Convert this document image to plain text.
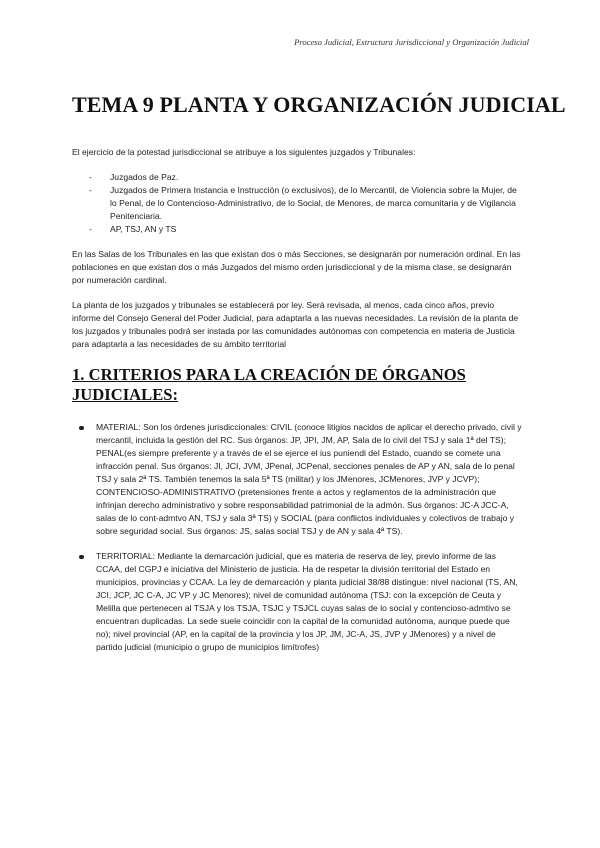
Proceso Judicial, Estructura Jurisdiccional y Organización Judicial
TEMA 9 PLANTA Y ORGANIZACIÓN JUDICIAL

El ejercicio de la potestad jurisdiccional se atribuye a los siguientes juzgados y Tribunales:

- Juzgados de Paz.
- Juzgados de Primera Instancia e Instrucción (o exclusivos), de lo Mercantil, de Violencia sobre la Mujer, de lo Penal, de lo Contencioso-Administrativo, de lo Social, de Menores, de marca comunitaria y de Vigilancia Penitenciaria.
- AP, TSJ, AN y TS

En las Salas de los Tribunales en las que existan dos o más Secciones, se designarán por numeración ordinal. En las poblaciones en que existan dos o más Juzgados del mismo orden jurisdiccional y de la misma clase, se designarán por numeración cardinal.

La planta de los juzgados y tribunales se establecerá por ley. Será revisada, al menos, cada cinco años, previo informe del Consejo General del Poder Judicial, para adaptarla a las nuevas necesidades. La revisión de la planta de los juzgados y tribunales podrá ser instada por las comunidades autónomas con competencia en materia de Justicia para adaptarla a las necesidades de su ámbito territorial

1. CRITERIOS PARA LA CREACIÓN DE ÓRGANOS JUDICIALES:
MATERIAL: Son los órdenes jurisdiccionales: CIVIL (conoce litigios nacidos de aplicar el derecho privado, civil y mercantil, incluida la gestión del RC. Sus órganos: JP, JPI, JM, AP, Sala de lo civil del TSJ y sala 1ª del TS); PENAL(es siempre preferente y a través de el se ejerce el ius puniendi del Estado, cuando se comete una infracción penal. Sus órganos: JI, JCI, JVM, JPenal, JCPenal, secciones penales de AP y AN, sala de lo penal TSJ y sala 2ª TS. También tenemos la sala 5ª TS (militar) y los JMenores, JCMenores, JVP y JCVP); CONTENCIOSO-ADMINISTRATIVO (pretensiones frente a actos y reglamentos de la administración que infrinjan derecho administrativo y sobre responsabilidad patrimonial de la admón. Sus órganos: JC-A JCC-A, salas de lo cont-admtvo AN, TSJ y sala 3ª TS) y SOCIAL (para conflictos individuales y colectivos de trabajo y sobre seguridad social. Sus órganos: JS, salas social TSJ y de AN y sala 4ª TS).
TERRITORIAL: Mediante la demarcación judicial, que es materia de reserva de ley, previo informe de las CCAA, del CGPJ e iniciativa del Ministerio de justicia. Ha de respetar la división territorial del Estado en municipios, provincias y CCAA. La ley de demarcación y planta judicial 38/88 distingue: nivel nacional (TS, AN, JCI, JCP, JC C-A, JC VP y JC Menores); nivel de comunidad autónoma (TSJ: con la excepción de Ceuta y Melilla que pertenecen al TSJA y los TSJA, TSJC y TSJCL cuyas salas de lo social y contencioso-admtivo se encuentran duplicadas. La sede suele coincidir con la capital de la comunidad autónoma, aunque puede que no); nivel provincial (AP, en la capital de la provincia y los JP, JM, JC-A, JS, JVP y JMenores) y a nivel de partido judicial (municipio o grupo de municipios limítrofes)
